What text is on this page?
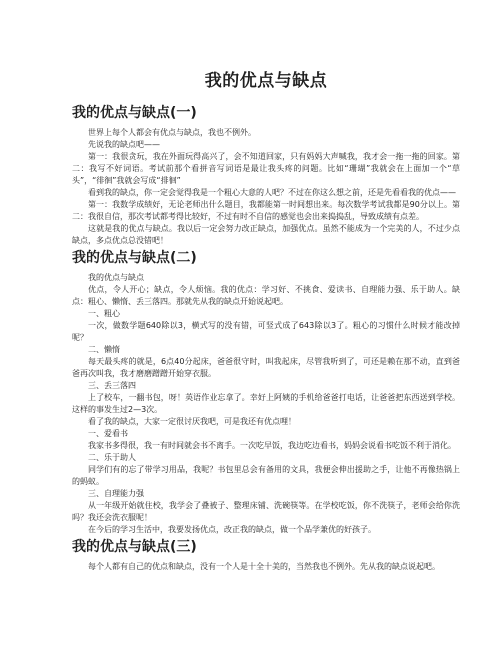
我的优点与缺点
我的优点与缺点(一)

世界上每个人都会有优点与缺点，我也不例外。

先说我的缺点吧——

第一：我很贪玩，我在外面玩得高兴了，会不知道回家，只有妈妈大声喊我，我才会一拖一拖的回家。第二：我写不好词语。考试前那个看拼音写词语是最让我头疼的问题。比如“珊瑚”我就会在上面加一个“草头”，“徘徊”我就会写成“排徊”

看到我的缺点，你一定会觉得我是一个粗心大意的人吧？不过在你这么想之前，还是先看看我的优点——

第一：我数学成绩好，无论老师出什么题目，我都能第一时间想出来。每次数学考试我都是90分以上。第二：我很自信，那次考试都考得比较好，不过有时不自信的感觉也会出来捣捣乱，导致成绩有点差。

这就是我的优点与缺点。我以后一定会努力改正缺点，加强优点。虽然不能成为一个完美的人，不过少点缺点，多点优点总没错吧！

我的优点与缺点(二)

我的优点与缺点

优点，令人开心；缺点，令人烦恼。我的优点：学习好、不挑食、爱读书、自理能力强、乐于助人。缺点：粗心、懒惰、丢三落四。那就先从我的缺点开始说起吧。

一、粗心

一次，做数学题640除以3，横式写的没有错，可竖式成了643除以3了。粗心的习惯什么时候才能改掉呢？

二、懒惰

每天最头疼的就是，6点40分起床，爸爸很守时，叫我起床，尽管我听到了，可还是赖在那不动，直到爸爸再次叫我，我才磨磨蹭蹭开始穿衣服。

三、丢三落四

上了校车，一翻书包，呀！英语作业忘拿了。幸好上阿姨的手机给爸爸打电话，让爸爸把东西送到学校。这样的事发生过2—3次。

看了我的缺点，大家一定很讨厌我吧，可是我还有优点哩！

一、爱看书

我家书多得很，我一有时间就会书不离手。一次吃早饭，我边吃边看书，妈妈会说看书吃饭不利于消化。

二、乐于助人

同学们有的忘了带学习用品，我呢？书包里总会有备用的文具，我便会伸出援助之手，让他不再像热锅上的蚂蚁。

三、自理能力强

从一年级开始就住校，我学会了叠被子、整理床铺、洗碗筷等。在学校吃饭，你不洗筷子，老师会给你洗吗？我还会洗衣服呢！

在今后的学习生活中，我要发扬优点，改正我的缺点，做一个品学兼优的好孩子。

我的优点与缺点(三)

每个人都有自己的优点和缺点，没有一个人是十全十美的，当然我也不例外。先从我的缺点说起吧。
